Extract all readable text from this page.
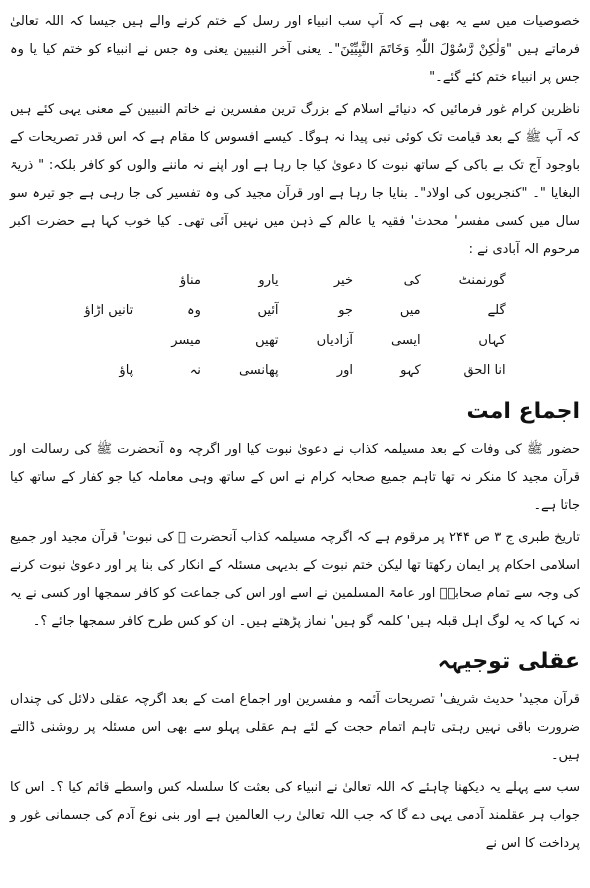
خصوصیات میں سے یہ بھی ہے کہ آپ سب انبیاء اور رسل کے ختم کرنے والے ہیں جیسا کہ اللہ تعالیٰ فرماتے ہیں "وَلٰکِنْ رَّسُوْلَ اللّٰہِ وَخَاتَمَ النَّبِیِّیْنَ"۔ یعنی آخر النبیین یعنی وہ جس نے انبیاء کو ختم کیا یا وہ جس پر انبیاء ختم کئے گئے۔"

ناظرین کرام غور فرمائیں کہ دنیائے اسلام کے بزرگ ترین مفسرین نے خاتم النبیین کے معنی یہی کئے ہیں کہ آپ ﷺ کے بعد قیامت تک کوئی نبی پیدا نہ ہوگا۔ کیسے افسوس کا مقام ہے کہ اس قدر تصریحات کے باوجود آج تک بے باکی کے ساتھ نبوت کا دعویٰ کیا جا رہا ہے اور اپنے نہ ماننے والوں کو کافر بلکہ: " ذریۃ البغایا "۔ "کنجریوں کی اولاد"۔ بنایا جا رہا ہے اور قرآن مجید کی وہ تفسیر کی جا رہی ہے جو تیرہ سو سال میں کسی مفسر' محدث' فقیہ یا عالم کے ذہن میں نہیں آئی تھی۔ کیا خوب کہا ہے حضرت اکبر مرحوم الہ آبادی نے :

گورنمنٹ
کی
خیر
یارو
مناؤ
گلے
میں
جو
آئیں
وہ
تانیں اڑاؤ
کہاں
ایسی
آزادیاں
تھیں
میسر
انا الحق
کہو
اور
پھانسی
نہ
پاؤ
اجماع امت

حضور ﷺ کی وفات کے بعد مسیلمہ کذاب نے دعویٰ نبوت کیا اور اگرچہ وہ آنحضرت ﷺ کی رسالت اور قرآن مجید کا منکر نہ تھا تاہم جمیع صحابہ کرام نے اس کے ساتھ وہی معاملہ کیا جو کفار کے ساتھ کیا جاتا ہے۔

تاریخ طبری ج ۳ ص ۲۴۴ پر مرقوم ہے کہ اگرچہ مسیلمہ کذاب آنحضرت ﷺ کی نبوت' قرآن مجید اور جمیع اسلامی احکام پر ایمان رکھتا تھا لیکن ختم نبوت کے بدیہی مسئلہ کے انکار کی بنا پر اور دعویٰ نبوت کرنے کی وجہ سے تمام صحابہؓ اور عامۃ المسلمین نے اسے اور اس کی جماعت کو کافر سمجھا اور کسی نے یہ نہ کہا کہ یہ لوگ اہل قبلہ ہیں' کلمہ گو ہیں' نماز پڑھتے ہیں۔ ان کو کس طرح کافر سمجھا جائے ؟۔

عقلی توجیہہ

قرآن مجید' حدیث شریف' تصریحات آئمہ و مفسرین اور اجماع امت کے بعد اگرچہ عقلی دلائل کی چنداں ضرورت باقی نہیں رہتی تاہم اتمام حجت کے لئے ہم عقلی پہلو سے بھی اس مسئلہ پر روشنی ڈالتے ہیں۔

سب سے پہلے یہ دیکھنا چاہئے کہ اللہ تعالیٰ نے انبیاء کی بعثت کا سلسلہ کس واسطے قائم کیا ؟۔ اس کا جواب ہر عقلمند آدمی یہی دے گا کہ جب اللہ تعالیٰ رب العالمین ہے اور بنی نوع آدم کی جسمانی غور و پرداخت کا اس نے
